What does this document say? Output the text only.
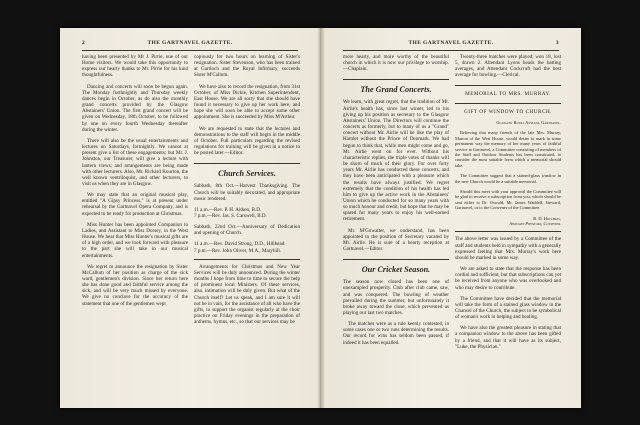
2	THE GARTNAVEL GAZETTE.

having been presented by Mr J. Pirrie, one of our Home visitors. We would take this opportunity to express our hearty thanks to Mr. Pirrie for his kind thoughtfulness.

Dancing and concerts will soon be begun again. The Monday forthnightly and Thursday weekly dances begin in October, as do also the monthly grand concerts provided by the Glasgow Abstainers' Union. The first grand concert will be given on Wednesday, 18th October, to be followed by one on every fourth Wednesday thereafter during the winter.

There will also be the usual entertainments and lectures on Saturdays, fortnightly. We cannot at present give a list of these engagements; but Mr. J. Johnston, our Treasurer, will give a lecture with lantern views; and arrangements are being made with other lecturers. Also, Mr. Richard Kourton, the well known ventriloquist, and other lecturers, to visit us when they are in Glasgow.

We may state that an original musical play, entitled "A Gipsy Princess," is at present under rehearsal by the Gartnavel Opera Company, and is expected to be ready for production at Christmas.

Miss Hunter has been appointed Companion to Ladies, and Assistant to Miss Dorsey, in the West House. We hear that Miss Hunter's musical gifts are of a high order, and we look forward with pleasure to the part she will take in our musical entertainments.

We regret to announce the resignation by Sister McCallum of her position as charge of the sick ward, gentlemen's division. Since her return here she has done good and faithful service among the sick, and will be very much missed by everyone. We give no conclave for the accuracy of the statement that one of the gentlemen wept

copiously for two hours on learning of Sister's resignation. Sister Stevenson, who has been trained at Gartloch and the Royal Infirmary, succeeds Sister M'Callum.

We have also to record the resignation, from 31st October, of Miss Dickie, Kitchen Superintendent, East House. We are all sorry that she should have found it necessary to give up her work here, and hope she will soon be able to accept some other appointment. She is succeeded by Miss M'Arthur.

We are requested to state that the lectures and demonstrations to the staff will begin in the middle of October. Full particulars regarding the revised regulations for training will be given in a notice to be posted later.—Editor.

Church Services.

Sabbath, 8th Oct.—Harvest Thanksgiving. The Church will be suitably decorated, and appropriate music rendered.

11 a.m.—Rev. P. H. Aitken, B.D.
7 p.m.—Rev. Jas. S. Carswell, B.D.

Sabbath, 22nd Oct.—Anniversary of Dedication and opening of Church.

11 a.m.—Rev. David Strong, D.D., Hillhead.
7 p.m.—Rev. John Oliver, M.A., Maryhill.

Arrangements for Christmas and New Year Services will be duly announced. During the winter months I hope from time to time to secure the help of prominent local Ministers. Of these services, also, intimation will be duly given. But what of the Church itself? Let us speak, and I am sure it will not be in vain, for the assistance of all who have the gifts, to support the organist regularly at the choir practice on Friday evenings in the preparation of anthems, hymns, etc., so that our services may be

THE GARTNAVEL GAZETTE.	3

more hearty, and more worthy of the beautiful church in which it is now our privilege to worship.—Chaplain.

The Grand Concerts.

We learn, with great regret, that the tradition of Mr. Airlie's health has, since last winter, led to his giving up his position as secretary to the Glasgow Abstainers' Union. The Directors will continue the concerts as formerly, but to many of us a "Grand" concert without Mr. Airlie will be like the play of Hamlet without the Prince of Denmark. We had begun to think that, while men might come and go, Mr. Airlie went on for ever. Without his characteristic replies, the triple votes of thanks will be shorn of much of their glory. For over forty years Mr. Airlie has conducted these concerts, and they have been anticipated with a pleasure which the results have always justified. We regret extremely that the condition of his health has led him to give up the active work in the Abstainers' Union which he conducted for so many years with so much honour and credit, but hope that he may be spared for many years to enjoy his well-earned retirement.

Mr. M'Gowatter, we understand, has been appointed to the position of Secretary vacated by Mr. Airlie. He is sure of a hearty reception at Gartnavel.—Editor.

Our Cricket Season.

The season now closed has been one of unexampled prosperity. Club after club came, saw, and was conquered. The bowling of weather prevailed during the summer, but unfortunately it broke away toward the close, which prevented us playing our last two matches.

The matches were as a rule keenly contested, in some cases one or two runs determining the results. Our record for wins has seldom been passed, if indeed it has been equalled.

Twenty-three matches were played; won 18, lost 5, drawn 2. Altendant Lyons heads the batting averages, and Attendant Cockcroft had the best average for bowling.—Clerical.

MEMORIAL TO MRS. MURRAY.
GIFT OF WINDOW TO CHURCH.

Glasgow Royal Asylum, Gartnavel.

Believing that many friends of the late Mrs. Murray, Matron of the West House, would desire to mark in some permanent way the memory of her many years of faithful service at Gartnavel, a Committee consisting of members of the Staff and Outdoor Students has been constituted, to consider the most suitable form which a memorial should take.

The Committee suggest that a stained-glass window in the new Church would be a suitable memorial.

Should this meet with your approval the Committee will be glad to receive a subscription from you, which should be sent either to Dr. Oswald, Mr. James Waddell, Steward, Gartnavel, or to the Convener of the Committee.

R. D. Hotchkis,

Assistant Physician, Convener.

The above letter was issued by a Committee of the staff and students held in sympathy with a generally expressed feeling that Mrs. Murray's work here should be marked in some way.

We are asked to state that the response has been cordial and sufficient, but that subscriptions can yet be received from anyone who was overlooked and who may desire to contribute.

The Committee have decided that the memorial will take the form of a stained glass window in the Chancel of the Church, the subject to be symbolical of woman's work in helping and healing.

We have also the greatest pleasure in stating that a companion window to the above has been gifted by a friend, and that it will have as its subject, "Luke, the Physician."
